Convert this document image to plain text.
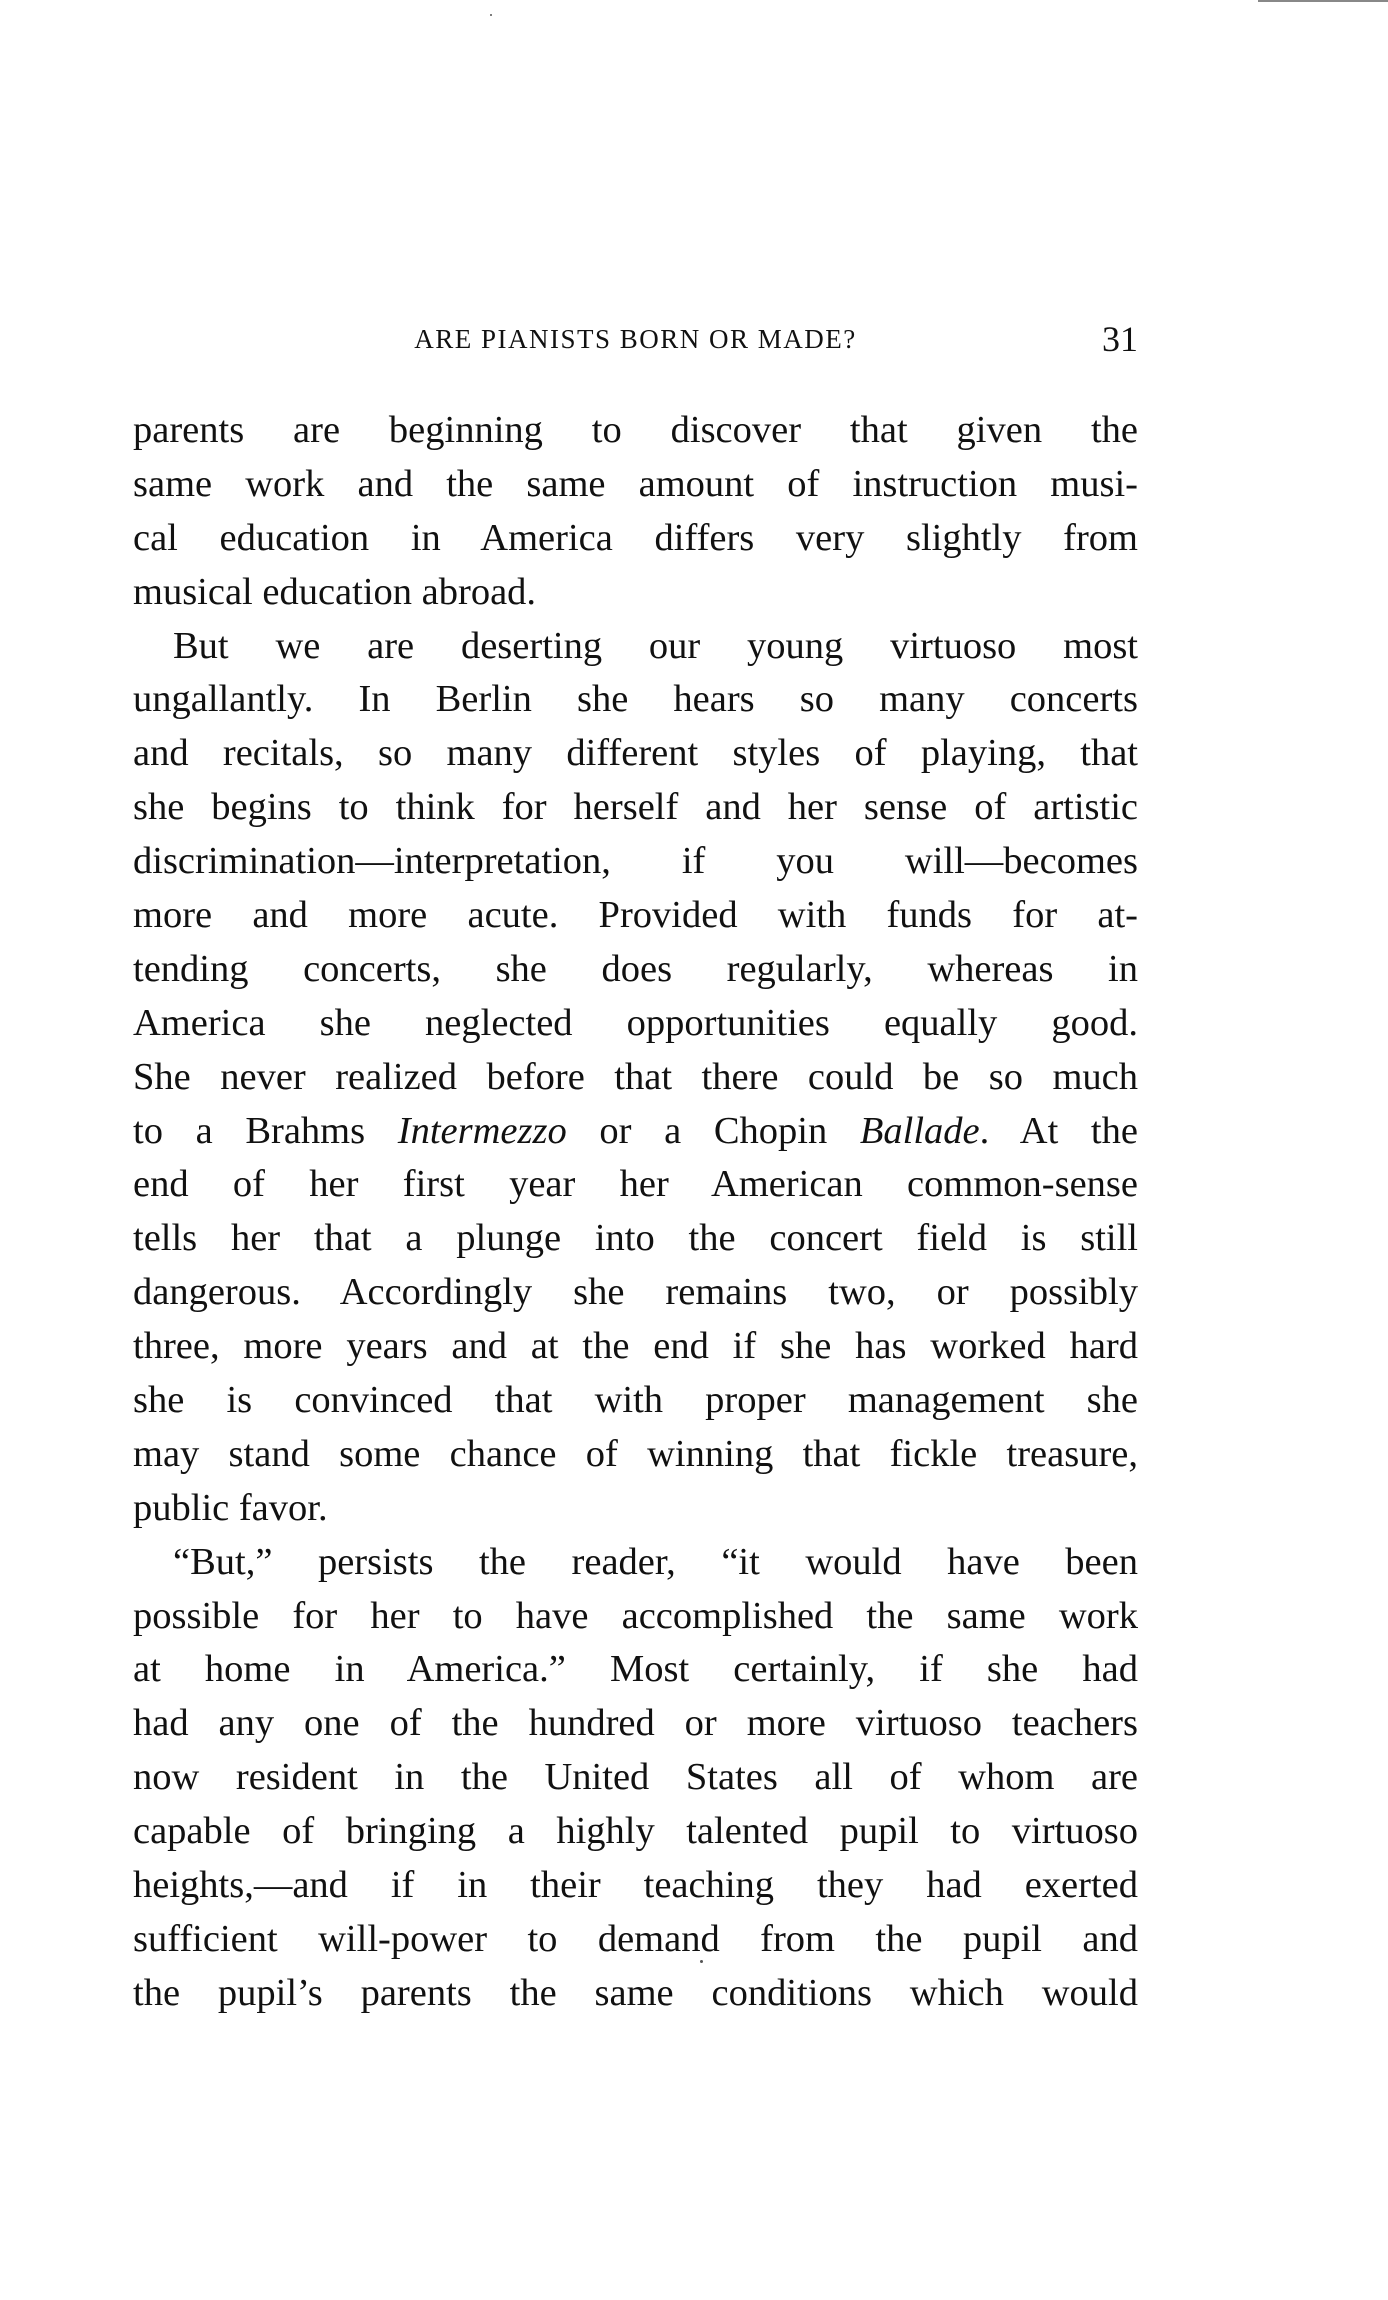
ARE PIANISTS BORN OR MADE?	31
parents are beginning to discover that given the
same work and the same amount of instruction musi-
cal education in America differs very slightly from
musical education abroad.
But we are deserting our young virtuoso most
ungallantly. In Berlin she hears so many concerts
and recitals, so many different styles of playing, that
she begins to think for herself and her sense of artistic
discrimination—interpretation, if you will—becomes
more and more acute. Provided with funds for at-
tending concerts, she does regularly, whereas in
America she neglected opportunities equally good.
She never realized before that there could be so much
to a Brahms Intermezzo or a Chopin Ballade. At the
end of her first year her American common-sense
tells her that a plunge into the concert field is still
dangerous. Accordingly she remains two, or possibly
three, more years and at the end if she has worked hard
she is convinced that with proper management she
may stand some chance of winning that fickle treasure,
public favor.
“But,” persists the reader, “it would have been
possible for her to have accomplished the same work
at home in America.” Most certainly, if she had
had any one of the hundred or more virtuoso teachers
now resident in the United States all of whom are
capable of bringing a highly talented pupil to virtuoso
heights,—and if in their teaching they had exerted
sufficient will-power to demand from the pupil and
the pupil’s parents the same conditions which would
